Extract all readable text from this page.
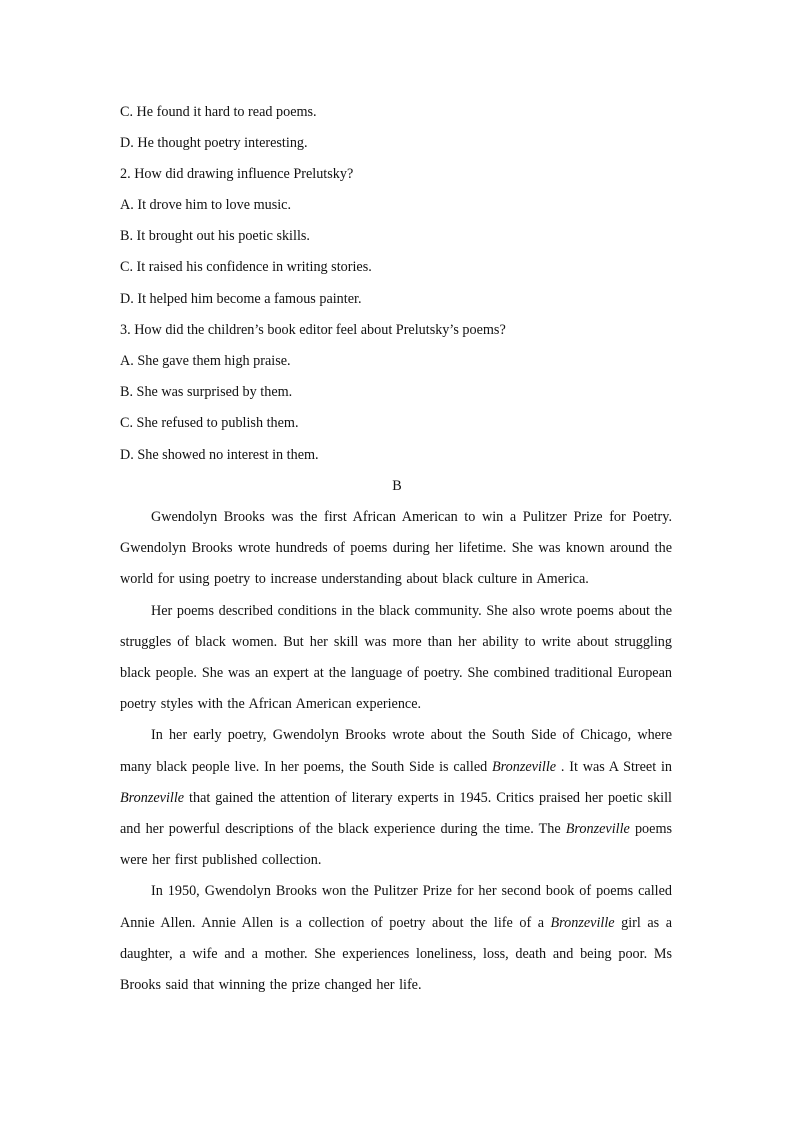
C. He found it hard to read poems.
D. He thought poetry interesting.
2. How did drawing influence Prelutsky?
A. It drove him to love music.
B. It brought out his poetic skills.
C. It raised his confidence in writing stories.
D. It helped him become a famous painter.
3. How did the children’s book editor feel about Prelutsky’s poems?
A. She gave them high praise.
B. She was surprised by them.
C. She refused to publish them.
D. She showed no interest in them.
B

Gwendolyn Brooks was the first African American to win a Pulitzer Prize for Poetry. Gwendolyn Brooks wrote hundreds of poems during her lifetime. She was known around the world for using poetry to increase understanding about black culture in America.

Her poems described conditions in the black community. She also wrote poems about the struggles of black women. But her skill was more than her ability to write about struggling black people. She was an expert at the language of poetry. She combined traditional European poetry styles with the African American experience.

In her early poetry, Gwendolyn Brooks wrote about the South Side of Chicago, where many black people live. In her poems, the South Side is called Bronzeville . It was A Street in Bronzeville that gained the attention of literary experts in 1945. Critics praised her poetic skill and her powerful descriptions of the black experience during the time. The Bronzeville poems were her first published collection.

In 1950, Gwendolyn Brooks won the Pulitzer Prize for her second book of poems called Annie Allen. Annie Allen is a collection of poetry about the life of a Bronzeville girl as a daughter, a wife and a mother. She experiences loneliness, loss, death and being poor. Ms Brooks said that winning the prize changed her life.
